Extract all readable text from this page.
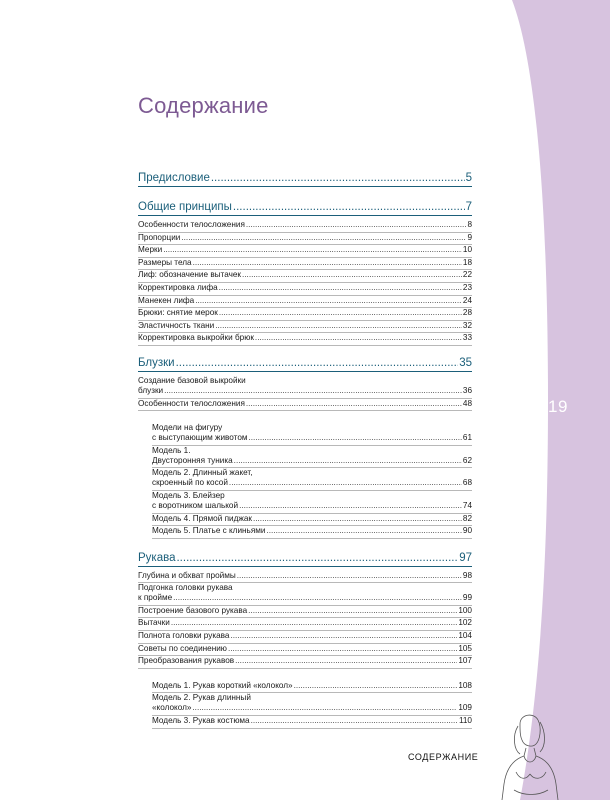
219
Содержание
Предисловие .....	5
Общие принципы .....	7
Особенности телосложения .....	8
Пропорции .....	9
Мерки .....	10
Размеры тела .....	18
Лиф: обозначение вытачек .....	22
Корректировка лифа .....	23
Манекен лифа .....	24
Брюки: снятие мерок .....	28
Эластичность ткани .....	32
Корректировка выкройки брюк .....	33
Блузки .....	35
Создание базовой выкройки
блузки .....	36
Особенности телосложения .....	48
Модели на фигуру
с выступающим животом .....	61
Модель 1.
Двусторонняя туника .....	62
Модель 2. Длинный жакет,
скроенный по косой .....	68
Модель 3. Блейзер
с воротником шалькой .....	74
Модель 4. Прямой пиджак .....	82
Модель 5. Платье с клиньями .....	90
Рукава .....	97
Глубина и обхват проймы .....	98
Подгонка головки рукава
к пройме .....	99
Построение базового рукава .....	100
Вытачки .....	102
Полнота головки рукава .....	104
Советы по соединению .....	105
Преобразования рукавов .....	107
Модель 1. Рукав короткий «колокол» .....	108
Модель 2. Рукав длинный
«колокол» .....	109
Модель 3. Рукав костюма .....	110
СОДЕРЖАНИЕ
